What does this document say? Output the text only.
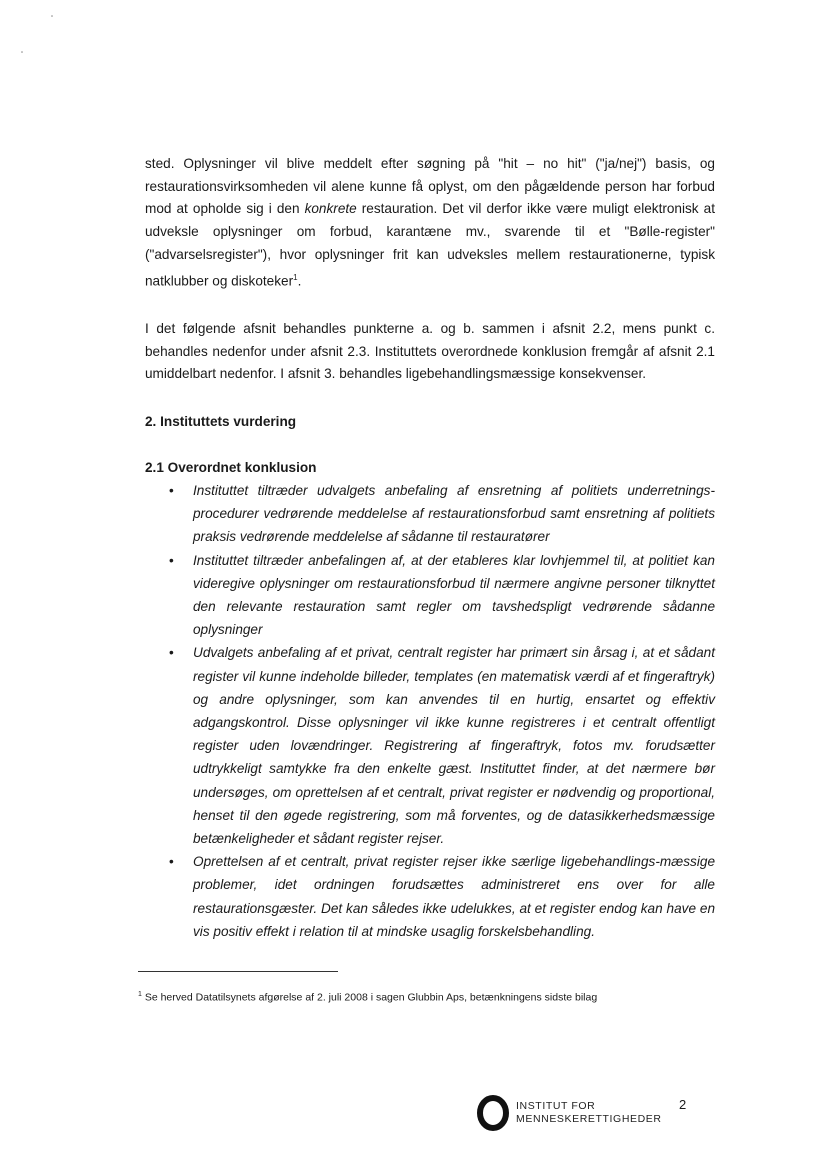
sted. Oplysninger vil blive meddelt efter søgning på "hit – no hit" ("ja/nej") basis, og restaurationsvirksomheden vil alene kunne få oplyst, om den pågældende person har forbud mod at opholde sig i den konkrete restauration. Det vil derfor ikke være muligt elektronisk at udveksle oplysninger om forbud, karantæne mv., svarende til et "Bølle-register" ("advarselsregister"), hvor oplysninger frit kan udveksles mellem restaurationerne, typisk natklubber og diskoteker$^1$.

I det følgende afsnit behandles punkterne a. og b. sammen i afsnit 2.2, mens punkt c. behandles nedenfor under afsnit 2.3. Instituttets overordnede konklusion fremgår af afsnit 2.1 umiddelbart nedenfor. I afsnit 3. behandles ligebehandlingsmæssige konsekvenser.

2. Instituttets vurdering
2.1 Overordnet konklusion
• Instituttet tiltræder udvalgets anbefaling af ensretning af politiets underretnings-procedurer vedrørende meddelelse af restaurationsforbud samt ensretning af politiets praksis vedrørende meddelelse af sådanne til restauratører
• Instituttet tiltræder anbefalingen af, at der etableres klar lovhjemmel til, at politiet kan videregive oplysninger om restaurationsforbud til nærmere angivne personer tilknyttet den relevante restauration samt regler om tavshedspligt vedrørende sådanne oplysninger
• Udvalgets anbefaling af et privat, centralt register har primært sin årsag i, at et sådant register vil kunne indeholde billeder, templates (en matematisk værdi af et fingeraftryk) og andre oplysninger, som kan anvendes til en hurtig, ensartet og effektiv adgangskontrol. Disse oplysninger vil ikke kunne registreres i et centralt offentligt register uden lovændringer. Registrering af fingeraftryk, fotos mv. forudsætter udtrykkeligt samtykke fra den enkelte gæst. Instituttet finder, at det nærmere bør undersøges, om oprettelsen af et centralt, privat register er nødvendig og proportional, henset til den øgede registrering, som må forventes, og de datasikkerhedsmæssige betænkeligheder et sådant register rejser.
• Oprettelsen af et centralt, privat register rejser ikke særlige ligebehandlings-mæssige problemer, idet ordningen forudsættes administreret ens over for alle restaurationsgæster. Det kan således ikke udelukkes, at et register endog kan have en vis positiv effekt i relation til at mindske usaglig forskelsbehandling.
$^1$ Se herved Datatilsynets afgørelse af 2. juli 2008 i sagen Glubbin Aps, betænkningens sidste bilag
INSTITUT FOR
MENNESKERETTIGHEDER
2
